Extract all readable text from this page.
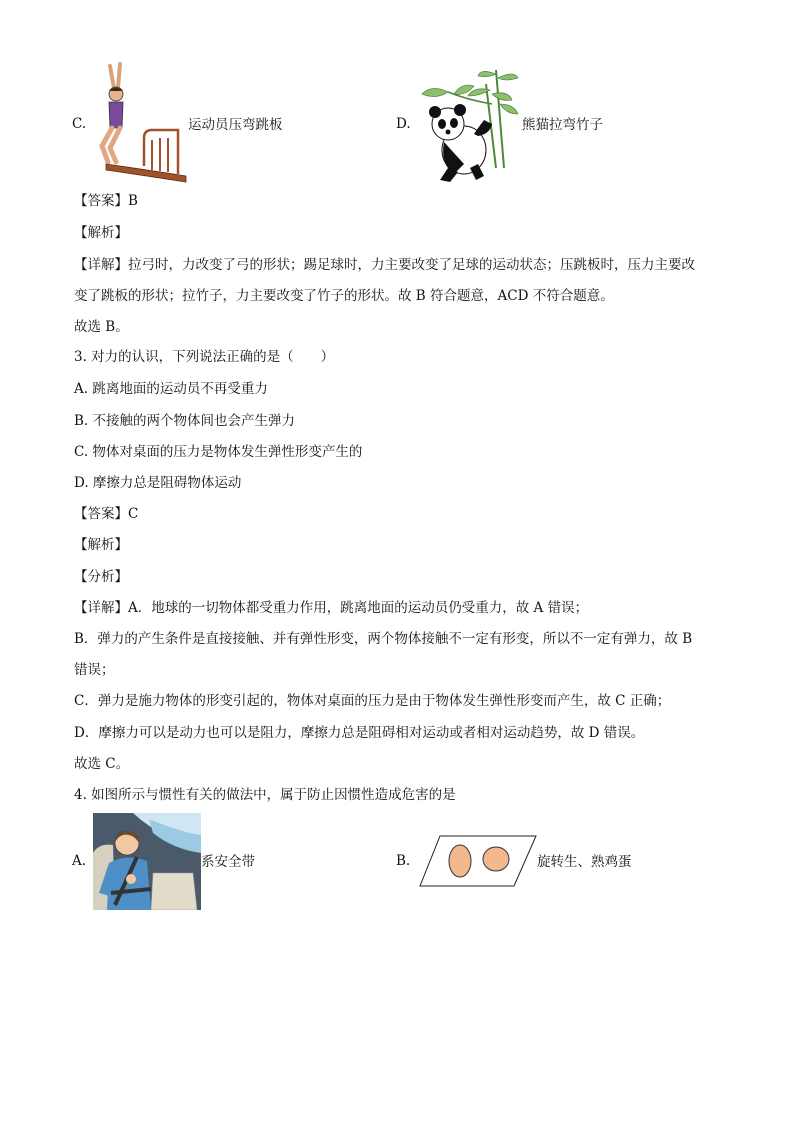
C.	运动员压弯跳板	D.	熊猫拉弯竹子
【答案】B
【解析】
【详解】拉弓时，力改变了弓的形状；踢足球时，力主要改变了足球的运动状态；压跳板时，压力主要改
变了跳板的形状；拉竹子，力主要改变了竹子的形状。故 B 符合题意，ACD 不符合题意。
故选 B。
3. 对力的认识，下列说法正确的是（　　）
A. 跳离地面的运动员不再受重力
B. 不接触的两个物体间也会产生弹力
C. 物体对桌面的压力是物体发生弹性形变产生的
D. 摩擦力总是阻碍物体运动
【答案】C
【解析】
【分析】
【详解】A．地球的一切物体都受重力作用，跳离地面的运动员仍受重力，故 A 错误；
B．弹力的产生条件是直接接触、并有弹性形变，两个物体接触不一定有形变，所以不一定有弹力，故 B
错误；
C．弹力是施力物体的形变引起的，物体对桌面的压力是由于物体发生弹性形变而产生，故 C 正确；
D．摩擦力可以是动力也可以是阻力，摩擦力总是阻碍相对运动或者相对运动趋势，故 D 错误。
故选 C。
4. 如图所示与惯性有关的做法中，属于防止因惯性造成危害的是
A.	系安全带	B.	旋转生、熟鸡蛋
